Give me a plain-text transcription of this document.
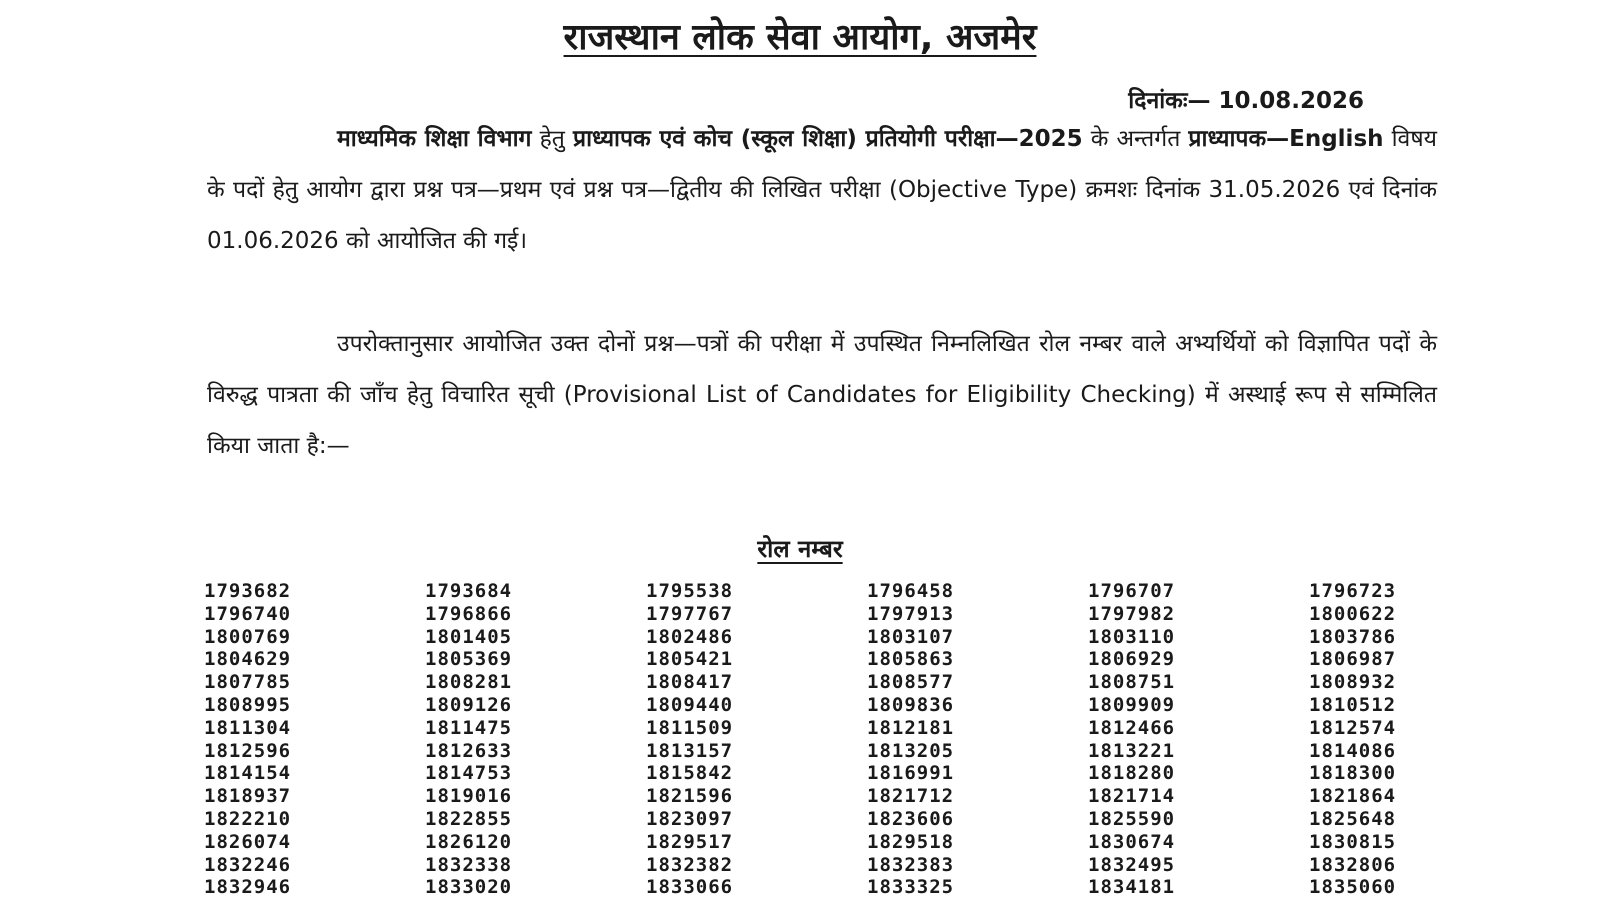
राजस्थान लोक सेवा आयोग, अजमेर
दिनांकः— 10.08.2026
माध्यमिक शिक्षा विभाग हेतु प्राध्यापक एवं कोच (स्कूल शिक्षा) प्रतियोगी परीक्षा—2025 के अन्तर्गत प्राध्यापक—English विषय के पदों हेतु आयोग द्वारा प्रश्न पत्र—प्रथम एवं प्रश्न पत्र—द्वितीय की लिखित परीक्षा (Objective Type) क्रमशः दिनांक 31.05.2026 एवं दिनांक 01.06.2026 को आयोजित की गई।
उपरोक्तानुसार आयोजित उक्त दोनों प्रश्न—पत्रों की परीक्षा में उपस्थित निम्नलिखित रोल नम्बर वाले अभ्यर्थियों को विज्ञापित पदों के विरुद्ध पात्रता की जाँच हेतु विचारित सूची (Provisional List of Candidates for Eligibility Checking) में अस्थाई रूप से सम्मिलित किया जाता है:—
रोल नम्बर
1793682	1793684	1795538	1796458	1796707	1796723
1796740	1796866	1797767	1797913	1797982	1800622
1800769	1801405	1802486	1803107	1803110	1803786
1804629	1805369	1805421	1805863	1806929	1806987
1807785	1808281	1808417	1808577	1808751	1808932
1808995	1809126	1809440	1809836	1809909	1810512
1811304	1811475	1811509	1812181	1812466	1812574
1812596	1812633	1813157	1813205	1813221	1814086
1814154	1814753	1815842	1816991	1818280	1818300
1818937	1819016	1821596	1821712	1821714	1821864
1822210	1822855	1823097	1823606	1825590	1825648
1826074	1826120	1829517	1829518	1830674	1830815
1832246	1832338	1832382	1832383	1832495	1832806
1832946	1833020	1833066	1833325	1834181	1835060
